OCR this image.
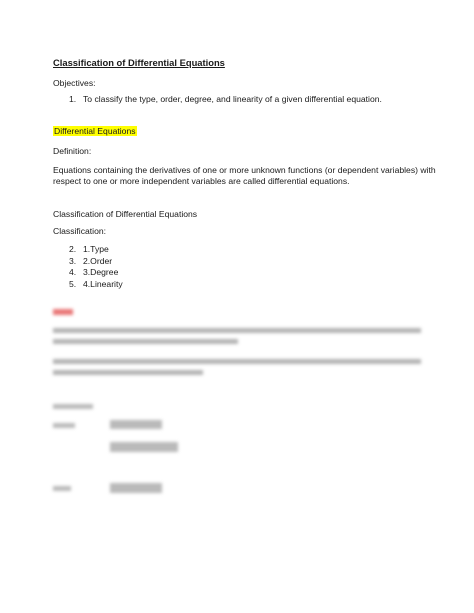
Classification of Differential Equations
Objectives:
1. To classify the type, order, degree, and linearity of a given differential equation.
Differential Equations
Definition:
Equations containing the derivatives of one or more unknown functions (or dependent variables) with
respect to one or more independent variables are called differential equations.
Classification of Differential Equations
Classification:
2. 1.Type
3. 2.Order
4. 3.Degree
5. 4.Linearity
